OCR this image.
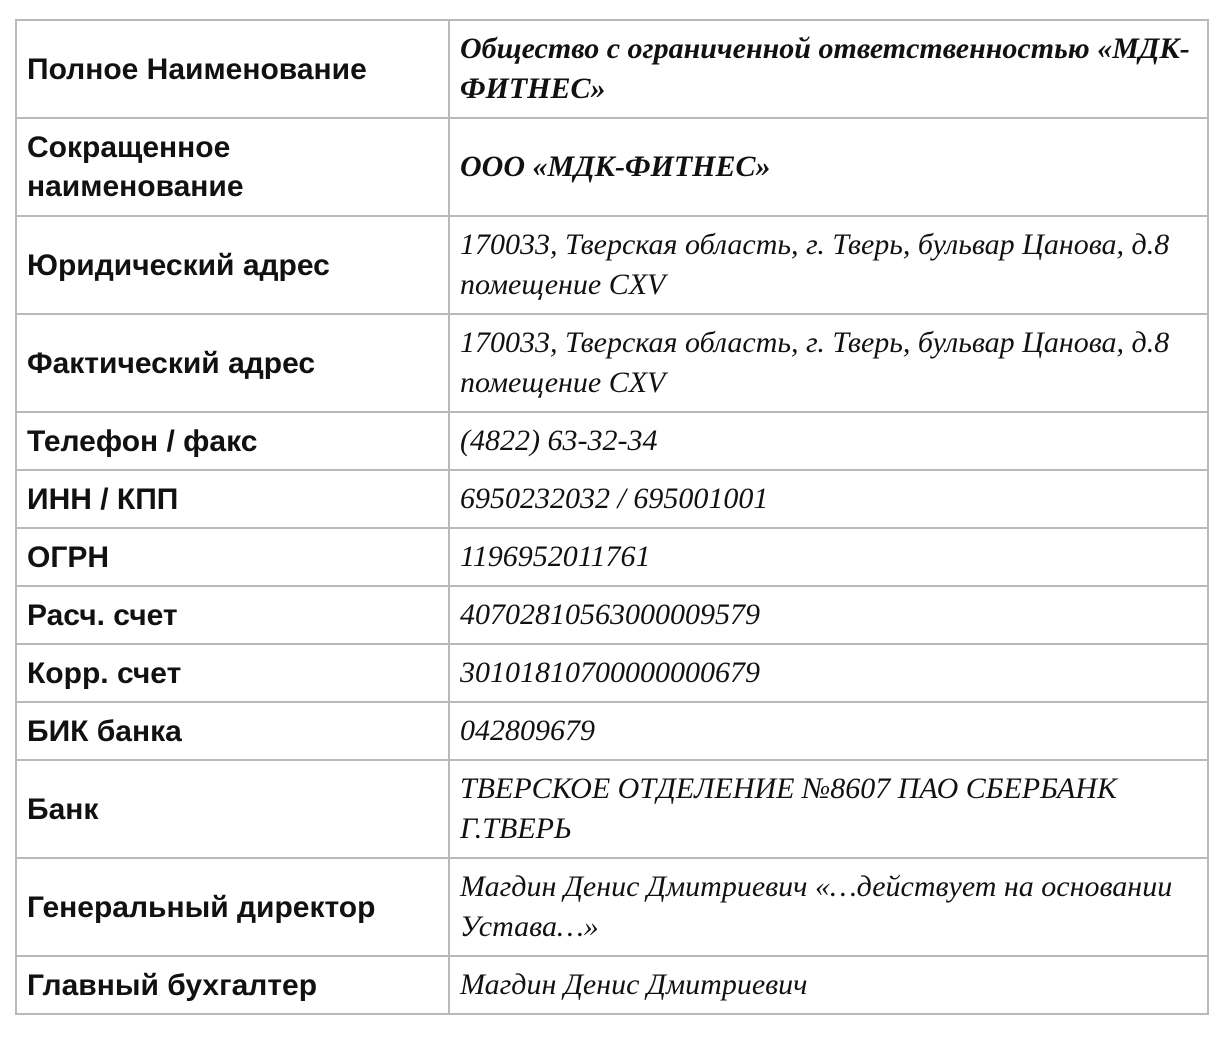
Полное Наименование	Общество с ограниченной ответственностью «МДК-ФИТНЕС»
Сокращенное наименование	ООО «МДК-ФИТНЕС»
Юридический адрес	170033, Тверская область, г. Тверь, бульвар Цанова, д.8 помещение CXV
Фактический адрес	170033, Тверская область, г. Тверь, бульвар Цанова, д.8 помещение CXV
Телефон / факс	(4822) 63-32-34
ИНН / КПП	6950232032 / 695001001
ОГРН	1196952011761
Расч. счет	40702810563000009579
Корр. счет	30101810700000000679
БИК банка	042809679
Банк	ТВЕРСКОЕ ОТДЕЛЕНИЕ №8607 ПАО СБЕРБАНК Г.ТВЕРЬ
Генеральный директор	Магдин Денис Дмитриевич «…действует на основании Устава…»
Главный бухгалтер	Магдин Денис Дмитриевич
